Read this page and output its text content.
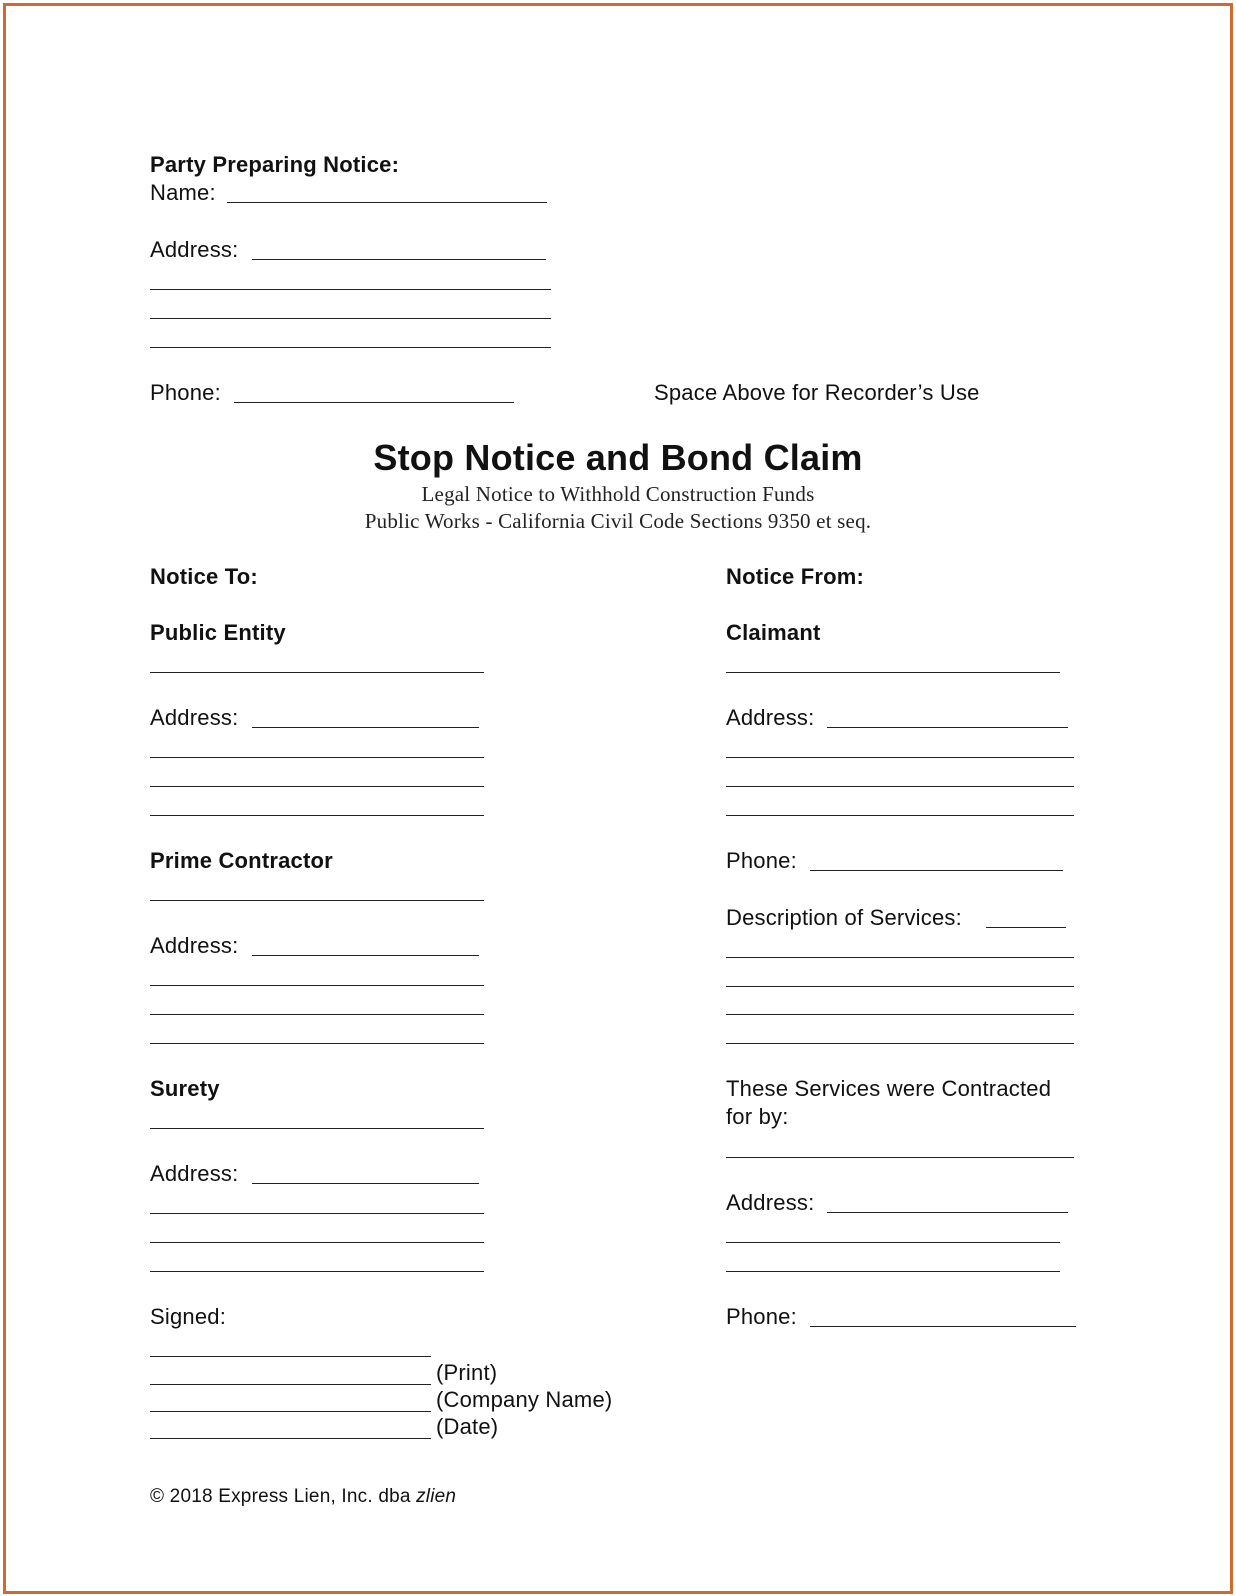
Party Preparing Notice:
Name:
Address:
Phone:	Space Above for Recorder’s Use
Stop Notice and Bond Claim
Legal Notice to Withhold Construction Funds
Public Works - California Civil Code Sections 9350 et seq.
Notice To:
Public Entity
Address:
Prime Contractor
Address:
Surety
Address:
Signed:
(Print)
(Company Name)
(Date)
Notice From:
Claimant
Address:
Phone:
Description of Services:
These Services were Contracted
for by:
Address:
Phone:
© 2018 Express Lien, Inc. dba zlien
